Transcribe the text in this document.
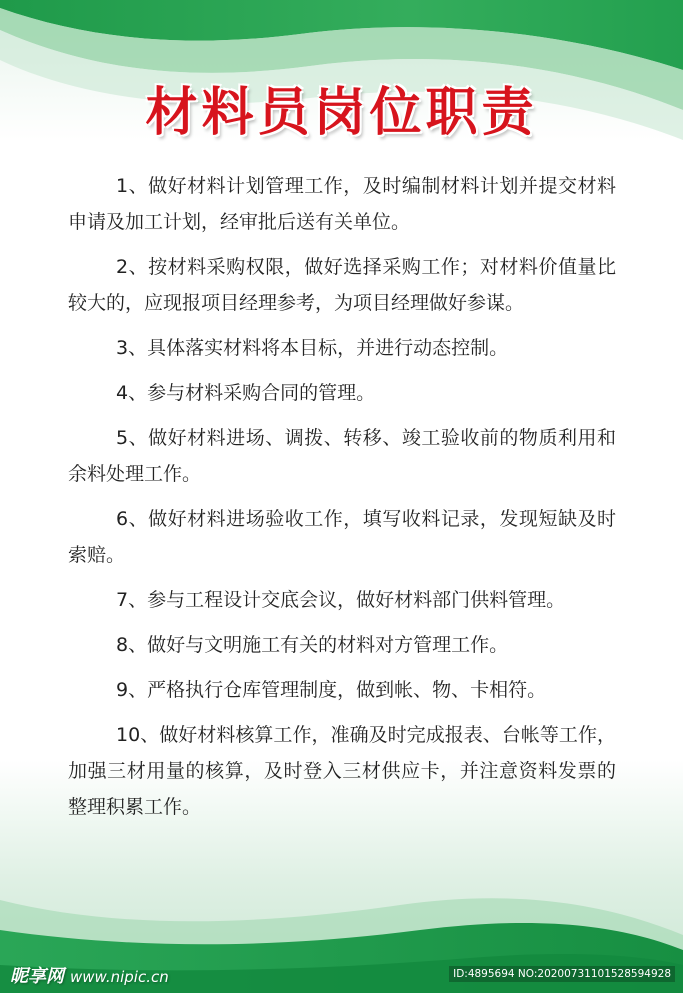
材料员岗位职责

1、做好材料计划管理工作，及时编制材料计划并提交材料申请及加工计划，经审批后送有关单位。

2、按材料采购权限，做好选择采购工作；对材料价值量比较大的，应现报项目经理参考，为项目经理做好参谋。

3、具体落实材料将本目标，并进行动态控制。

4、参与材料采购合同的管理。

5、做好材料进场、调拨、转移、竣工验收前的物质利用和余料处理工作。

6、做好材料进场验收工作，填写收料记录，发现短缺及时索赔。

7、参与工程设计交底会议，做好材料部门供料管理。

8、做好与文明施工有关的材料对方管理工作。

9、严格执行仓库管理制度，做到帐、物、卡相符。

10、做好材料核算工作，准确及时完成报表、台帐等工作，加强三材用量的核算，及时登入三材供应卡，并注意资料发票的整理积累工作。

昵享网 www.nipic.cn	ID:4895694 NO:20200731101528594928
